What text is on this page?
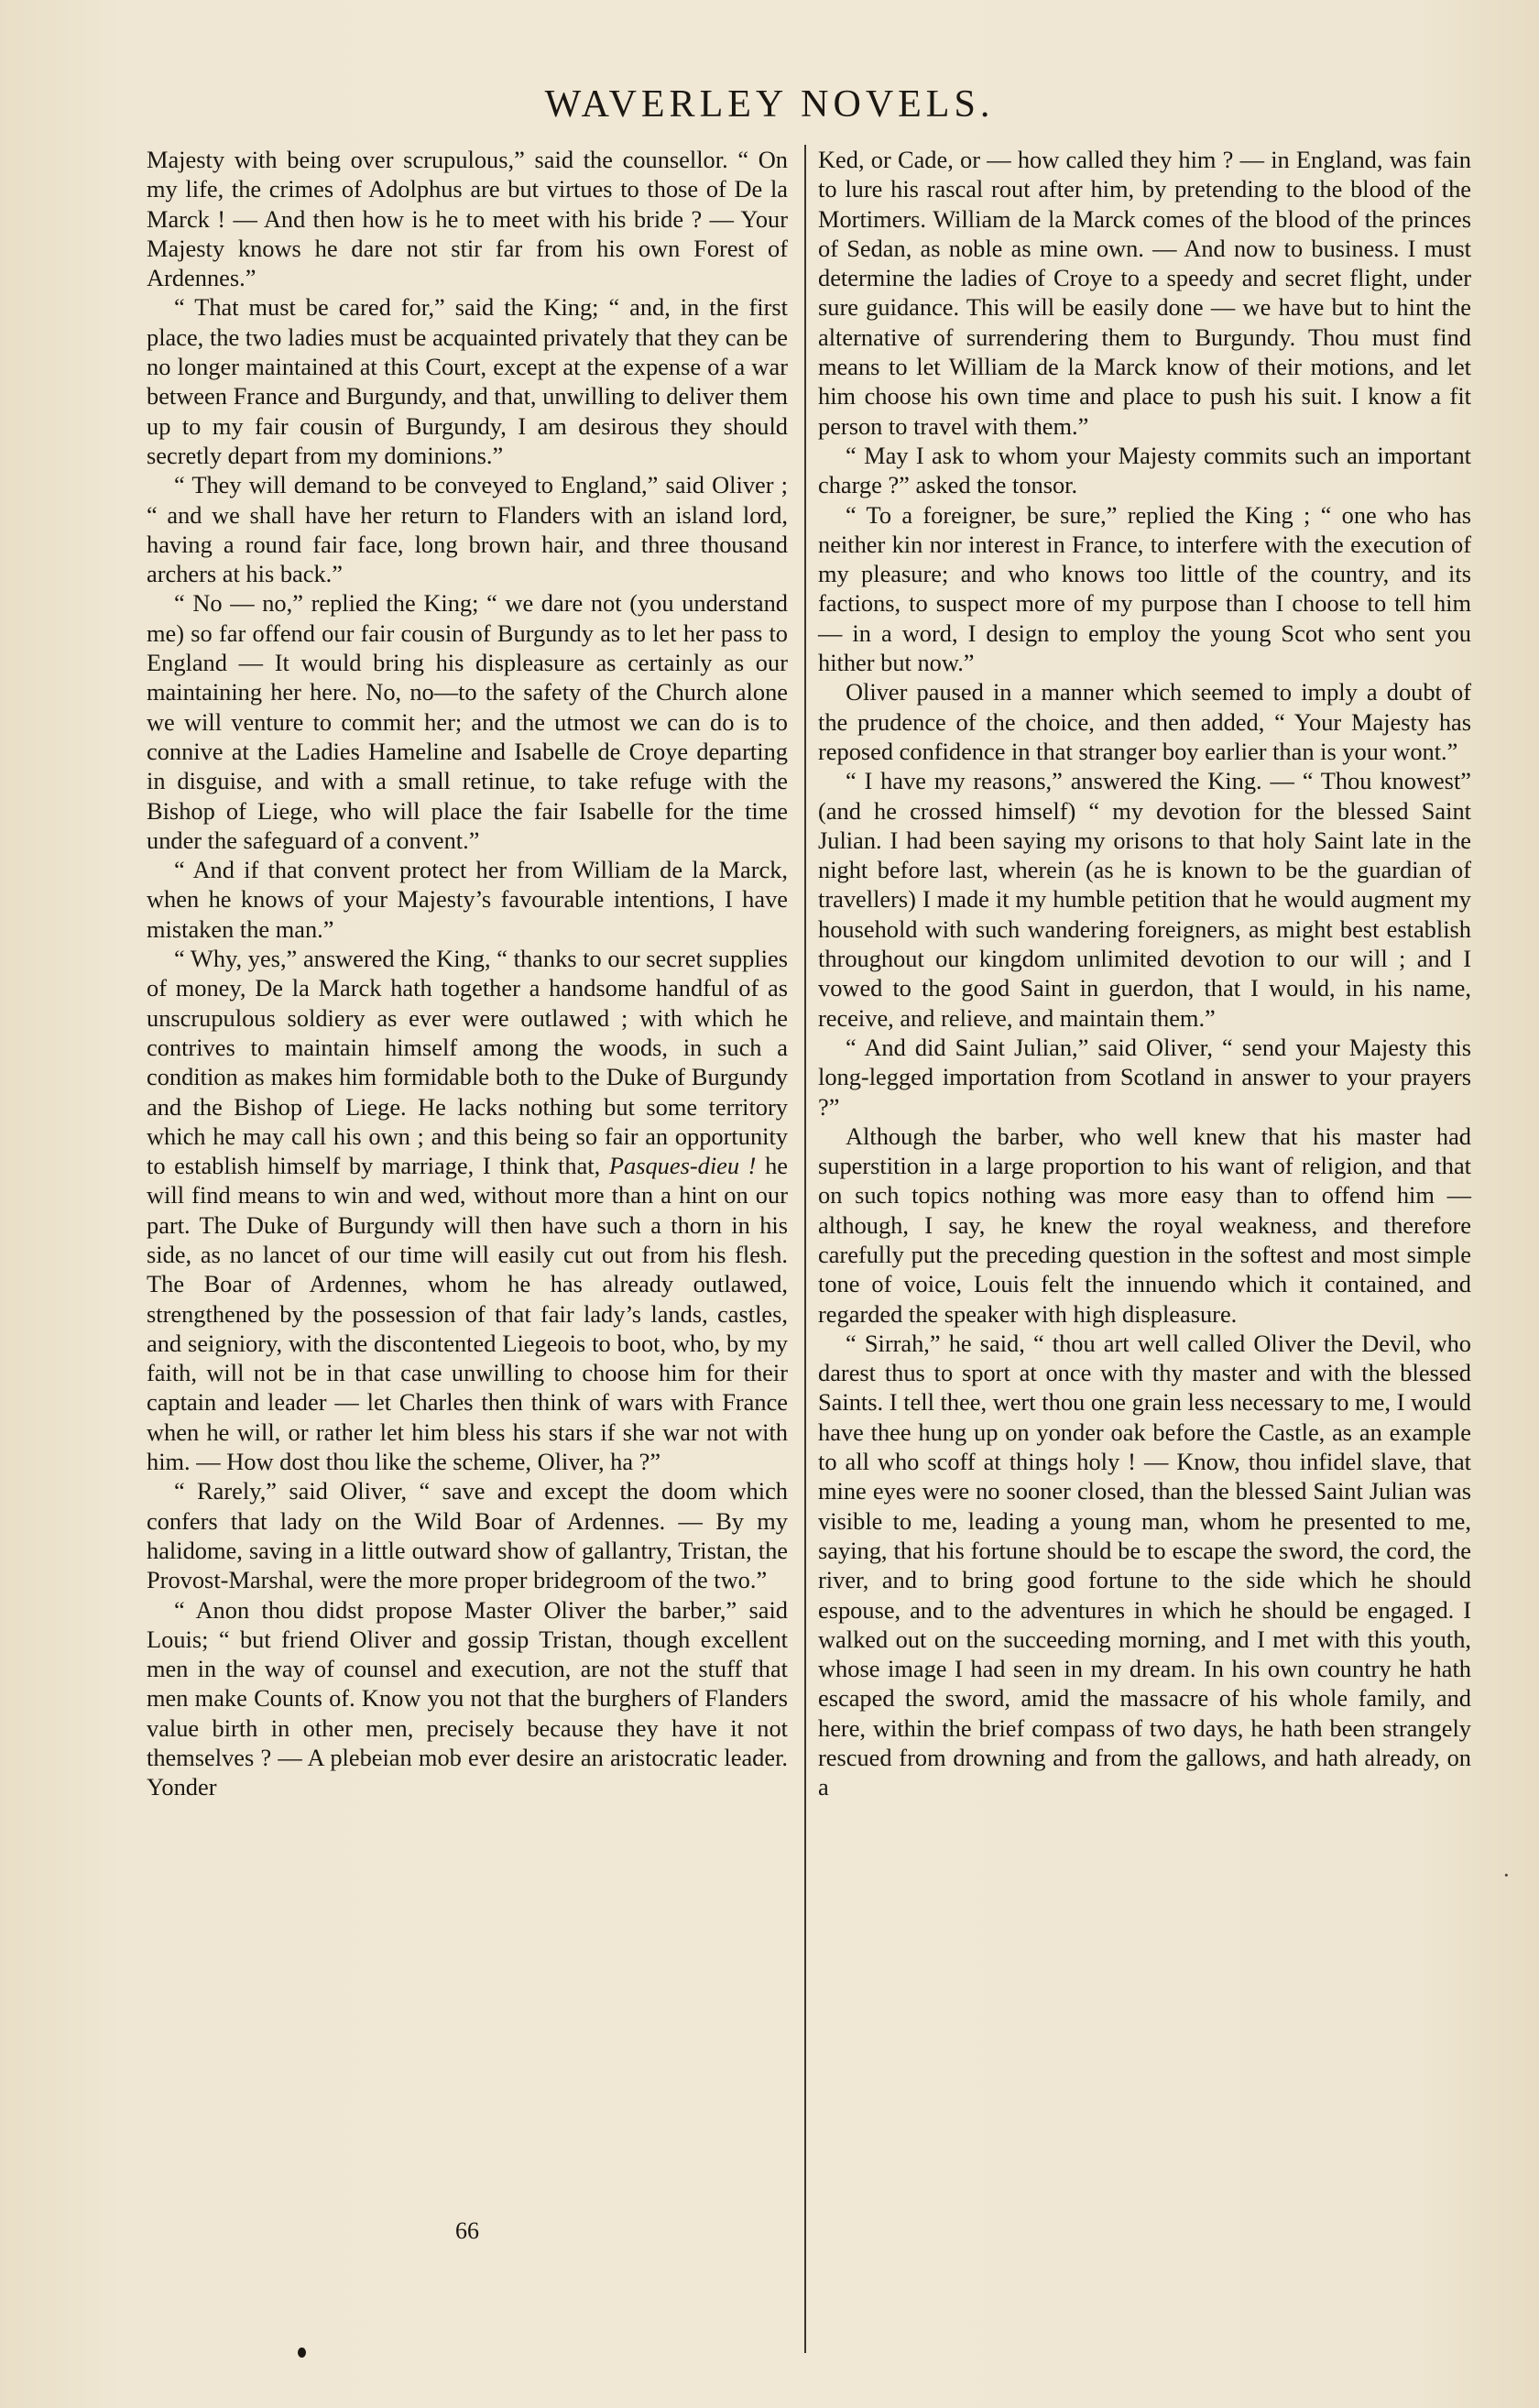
WAVERLEY NOVELS.

Majesty with being over scrupulous,” said the counsellor. “ On my life, the crimes of Adolphus are but virtues to those of De la Marck ! — And then how is he to meet with his bride ? — Your Majesty knows he dare not stir far from his own Forest of Ardennes.”

“ That must be cared for,” said the King; “ and, in the first place, the two ladies must be acquainted privately that they can be no longer maintained at this Court, except at the expense of a war between France and Burgundy, and that, unwilling to deliver them up to my fair cousin of Burgundy, I am desirous they should secretly depart from my dominions.”

“ They will demand to be conveyed to England,” said Oliver ; “ and we shall have her return to Flanders with an island lord, having a round fair face, long brown hair, and three thousand archers at his back.”

“ No — no,” replied the King; “ we dare not (you understand me) so far offend our fair cousin of Burgundy as to let her pass to England — It would bring his displeasure as certainly as our maintaining her here. No, no—to the safety of the Church alone we will venture to commit her; and the utmost we can do is to connive at the Ladies Hameline and Isabelle de Croye departing in disguise, and with a small retinue, to take refuge with the Bishop of Liege, who will place the fair Isabelle for the time under the safeguard of a convent.”

“ And if that convent protect her from William de la Marck, when he knows of your Majesty’s favourable intentions, I have mistaken the man.”

“ Why, yes,” answered the King, “ thanks to our secret supplies of money, De la Marck hath together a handsome handful of as unscrupulous soldiery as ever were outlawed ; with which he contrives to maintain himself among the woods, in such a condition as makes him formidable both to the Duke of Burgundy and the Bishop of Liege. He lacks nothing but some territory which he may call his own ; and this being so fair an opportunity to establish himself by marriage, I think that, Pasques-dieu ! he will find means to win and wed, without more than a hint on our part. The Duke of Burgundy will then have such a thorn in his side, as no lancet of our time will easily cut out from his flesh. The Boar of Ardennes, whom he has already outlawed, strengthened by the possession of that fair lady’s lands, castles, and seigniory, with the discontented Liegeois to boot, who, by my faith, will not be in that case unwilling to choose him for their captain and leader — let Charles then think of wars with France when he will, or rather let him bless his stars if she war not with him. — How dost thou like the scheme, Oliver, ha ?”

“ Rarely,” said Oliver, “ save and except the doom which confers that lady on the Wild Boar of Ardennes. — By my halidome, saving in a little outward show of gallantry, Tristan, the Provost-Marshal, were the more proper bridegroom of the two.”

“ Anon thou didst propose Master Oliver the barber,” said Louis; “ but friend Oliver and gossip Tristan, though excellent men in the way of counsel and execution, are not the stuff that men make Counts of. Know you not that the burghers of Flanders value birth in other men, precisely because they have it not themselves ? — A plebeian mob ever desire an aristocratic leader. Yonder

Ked, or Cade, or — how called they him ? — in England, was fain to lure his rascal rout after him, by pretending to the blood of the Mortimers. William de la Marck comes of the blood of the princes of Sedan, as noble as mine own. — And now to business. I must determine the ladies of Croye to a speedy and secret flight, under sure guidance. This will be easily done — we have but to hint the alternative of surrendering them to Burgundy. Thou must find means to let William de la Marck know of their motions, and let him choose his own time and place to push his suit. I know a fit person to travel with them.”

“ May I ask to whom your Majesty commits such an important charge ?” asked the tonsor.

“ To a foreigner, be sure,” replied the King ; “ one who has neither kin nor interest in France, to interfere with the execution of my pleasure; and who knows too little of the country, and its factions, to suspect more of my purpose than I choose to tell him — in a word, I design to employ the young Scot who sent you hither but now.”

Oliver paused in a manner which seemed to imply a doubt of the prudence of the choice, and then added, “ Your Majesty has reposed confidence in that stranger boy earlier than is your wont.”

“ I have my reasons,” answered the King. — “ Thou knowest” (and he crossed himself) “ my devotion for the blessed Saint Julian. I had been saying my orisons to that holy Saint late in the night before last, wherein (as he is known to be the guardian of travellers) I made it my humble petition that he would augment my household with such wandering foreigners, as might best establish throughout our kingdom unlimited devotion to our will ; and I vowed to the good Saint in guerdon, that I would, in his name, receive, and relieve, and maintain them.”

“ And did Saint Julian,” said Oliver, “ send your Majesty this long-legged importation from Scotland in answer to your prayers ?”

Although the barber, who well knew that his master had superstition in a large proportion to his want of religion, and that on such topics nothing was more easy than to offend him — although, I say, he knew the royal weakness, and therefore carefully put the preceding question in the softest and most simple tone of voice, Louis felt the innuendo which it contained, and regarded the speaker with high displeasure.

“ Sirrah,” he said, “ thou art well called Oliver the Devil, who darest thus to sport at once with thy master and with the blessed Saints. I tell thee, wert thou one grain less necessary to me, I would have thee hung up on yonder oak before the Castle, as an example to all who scoff at things holy ! — Know, thou infidel slave, that mine eyes were no sooner closed, than the blessed Saint Julian was visible to me, leading a young man, whom he presented to me, saying, that his fortune should be to escape the sword, the cord, the river, and to bring good fortune to the side which he should espouse, and to the adventures in which he should be engaged. I walked out on the succeeding morning, and I met with this youth, whose image I had seen in my dream. In his own country he hath escaped the sword, amid the massacre of his whole family, and here, within the brief compass of two days, he hath been strangely rescued from drowning and from the gallows, and hath already, on a

66
·
